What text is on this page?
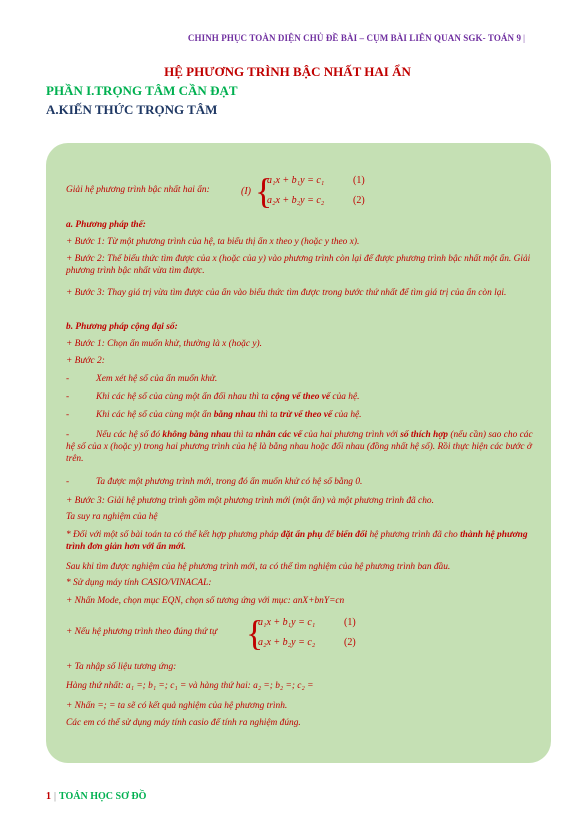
CHINH PHỤC TOÀN DIỆN CHỦ ĐỀ BÀI – CỤM BÀI LIÊN QUAN SGK- TOÁN 9 |
HỆ PHƯƠNG TRÌNH BẬC NHẤT HAI ẨN
PHẦN I.TRỌNG TÂM CẦN ĐẠT
A.KIẾN THỨC TRỌNG TÂM
Giải hệ phương trình bậc nhất hai ẩn:	(I) {
a₁x + b₁y = c₁
a₂x + b₂y = c₂
(1)
(2)
a. Phương pháp thế:
+ Bước 1: Từ một phương trình của hệ, ta biểu thị ẩn x theo y (hoặc y theo x).
+ Bước 2: Thế biểu thức tìm được của x (hoặc của y) vào phương trình còn lại để được phương trình bậc nhất một ẩn. Giải phương trình bậc nhất vừa tìm được.
+ Bước 3: Thay giá trị vừa tìm được của ẩn vào biểu thức tìm được trong bước thứ nhất để tìm giá trị của ẩn còn lại.
b. Phương pháp cộng đại số:
+ Bước 1: Chọn ẩn muốn khử, thường là x (hoặc y).
+ Bước 2:
-	Xem xét hệ số của ẩn muốn khử.
-	Khi các hệ số của cùng một ẩn đối nhau thì ta cộng vế theo vế của hệ.
-	Khi các hệ số của cùng một ẩn bằng nhau thì ta trừ vế theo vế của hệ.
-	Nếu các hệ số đó không bằng nhau thì ta nhân các vế của hai phương trình với số thích hợp (nếu cần) sao cho các hệ số của x (hoặc y) trong hai phương trình của hệ là bằng nhau hoặc đối nhau (đồng nhất hệ số). Rồi thực hiện các bước ở trên.
-	Ta được một phương trình mới, trong đó ẩn muốn khử có hệ số bằng 0.
+ Bước 3: Giải hệ phương trình gồm một phương trình mới (một ẩn) và một phương trình đã cho.
Ta suy ra nghiệm của hệ
* Đối với một số bài toán ta có thể kết hợp phương pháp đặt ẩn phụ để biến đổi hệ phương trình đã cho thành hệ phương trình đơn giản hơn với ẩn mới.
Sau khi tìm được nghiệm của hệ phương trình mới, ta có thể tìm nghiệm của hệ phương trình ban đầu.
* Sử dụng máy tính CASIO/VINACAL:
+ Nhấn Mode, chọn mục EQN, chọn số tương ứng với mục: anX+bnY=cn
+ Nếu hệ phương trình theo đúng thứ tự {
a₁x + b₁y = c₁
a₂x + b₂y = c₂
(1)
(2)
+ Ta nhập số liệu tương ứng:
Hàng thứ nhất: a₁ =; b₁ =; c₁ = và hàng thứ hai: a₂ =; b₂ =; c₂ =
+ Nhấn =; = ta sẽ có kết quả nghiệm của hệ phương trình.
Các em có thể sử dụng máy tính casio để tính ra nghiệm đúng.
1 | TOÁN HỌC SƠ ĐỒ
